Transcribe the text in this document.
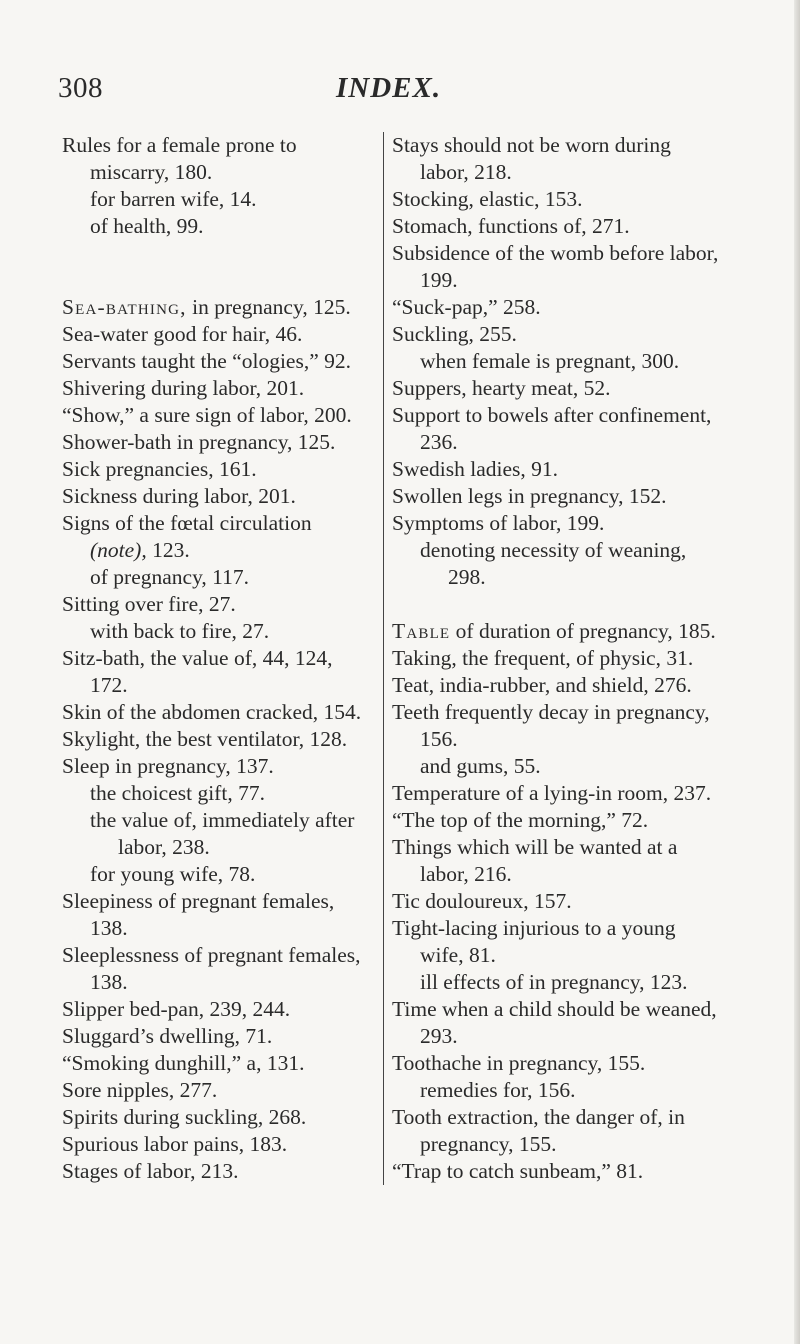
308	INDEX.
Rules for a female prone to miscarry, 180.
for barren wife, 14.
of health, 99.
Sea-bathing, in pregnancy, 125.
Sea-water good for hair, 46.
Servants taught the “ologies,” 92.
Shivering during labor, 201.
“Show,” a sure sign of labor, 200.
Shower-bath in pregnancy, 125.
Sick pregnancies, 161.
Sickness during labor, 201.
Signs of the fœtal circulation (note), 123.
of pregnancy, 117.
Sitting over fire, 27.
with back to fire, 27.
Sitz-bath, the value of, 44, 124, 172.
Skin of the abdomen cracked, 154.
Skylight, the best ventilator, 128.
Sleep in pregnancy, 137.
the choicest gift, 77.
the value of, immediately after labor, 238.
for young wife, 78.
Sleepiness of pregnant females, 138.
Sleeplessness of pregnant females, 138.
Slipper bed-pan, 239, 244.
Sluggard’s dwelling, 71.
“Smoking dunghill,” a, 131.
Sore nipples, 277.
Spirits during suckling, 268.
Spurious labor pains, 183.
Stages of labor, 213.
Stays should not be worn during labor, 218.
Stocking, elastic, 153.
Stomach, functions of, 271.
Subsidence of the womb before labor, 199.
“Suck-pap,” 258.
Suckling, 255.
when female is pregnant, 300.
Suppers, hearty meat, 52.
Support to bowels after confinement, 236.
Swedish ladies, 91.
Swollen legs in pregnancy, 152.
Symptoms of labor, 199.
denoting necessity of weaning, 298.
Table of duration of pregnancy, 185.
Taking, the frequent, of physic, 31.
Teat, india-rubber, and shield, 276.
Teeth frequently decay in pregnancy, 156.
and gums, 55.
Temperature of a lying-in room, 237.
“The top of the morning,” 72.
Things which will be wanted at a labor, 216.
Tic douloureux, 157.
Tight-lacing injurious to a young wife, 81.
ill effects of in pregnancy, 123.
Time when a child should be weaned, 293.
Toothache in pregnancy, 155.
remedies for, 156.
Tooth extraction, the danger of, in pregnancy, 155.
“Trap to catch sunbeam,” 81.
